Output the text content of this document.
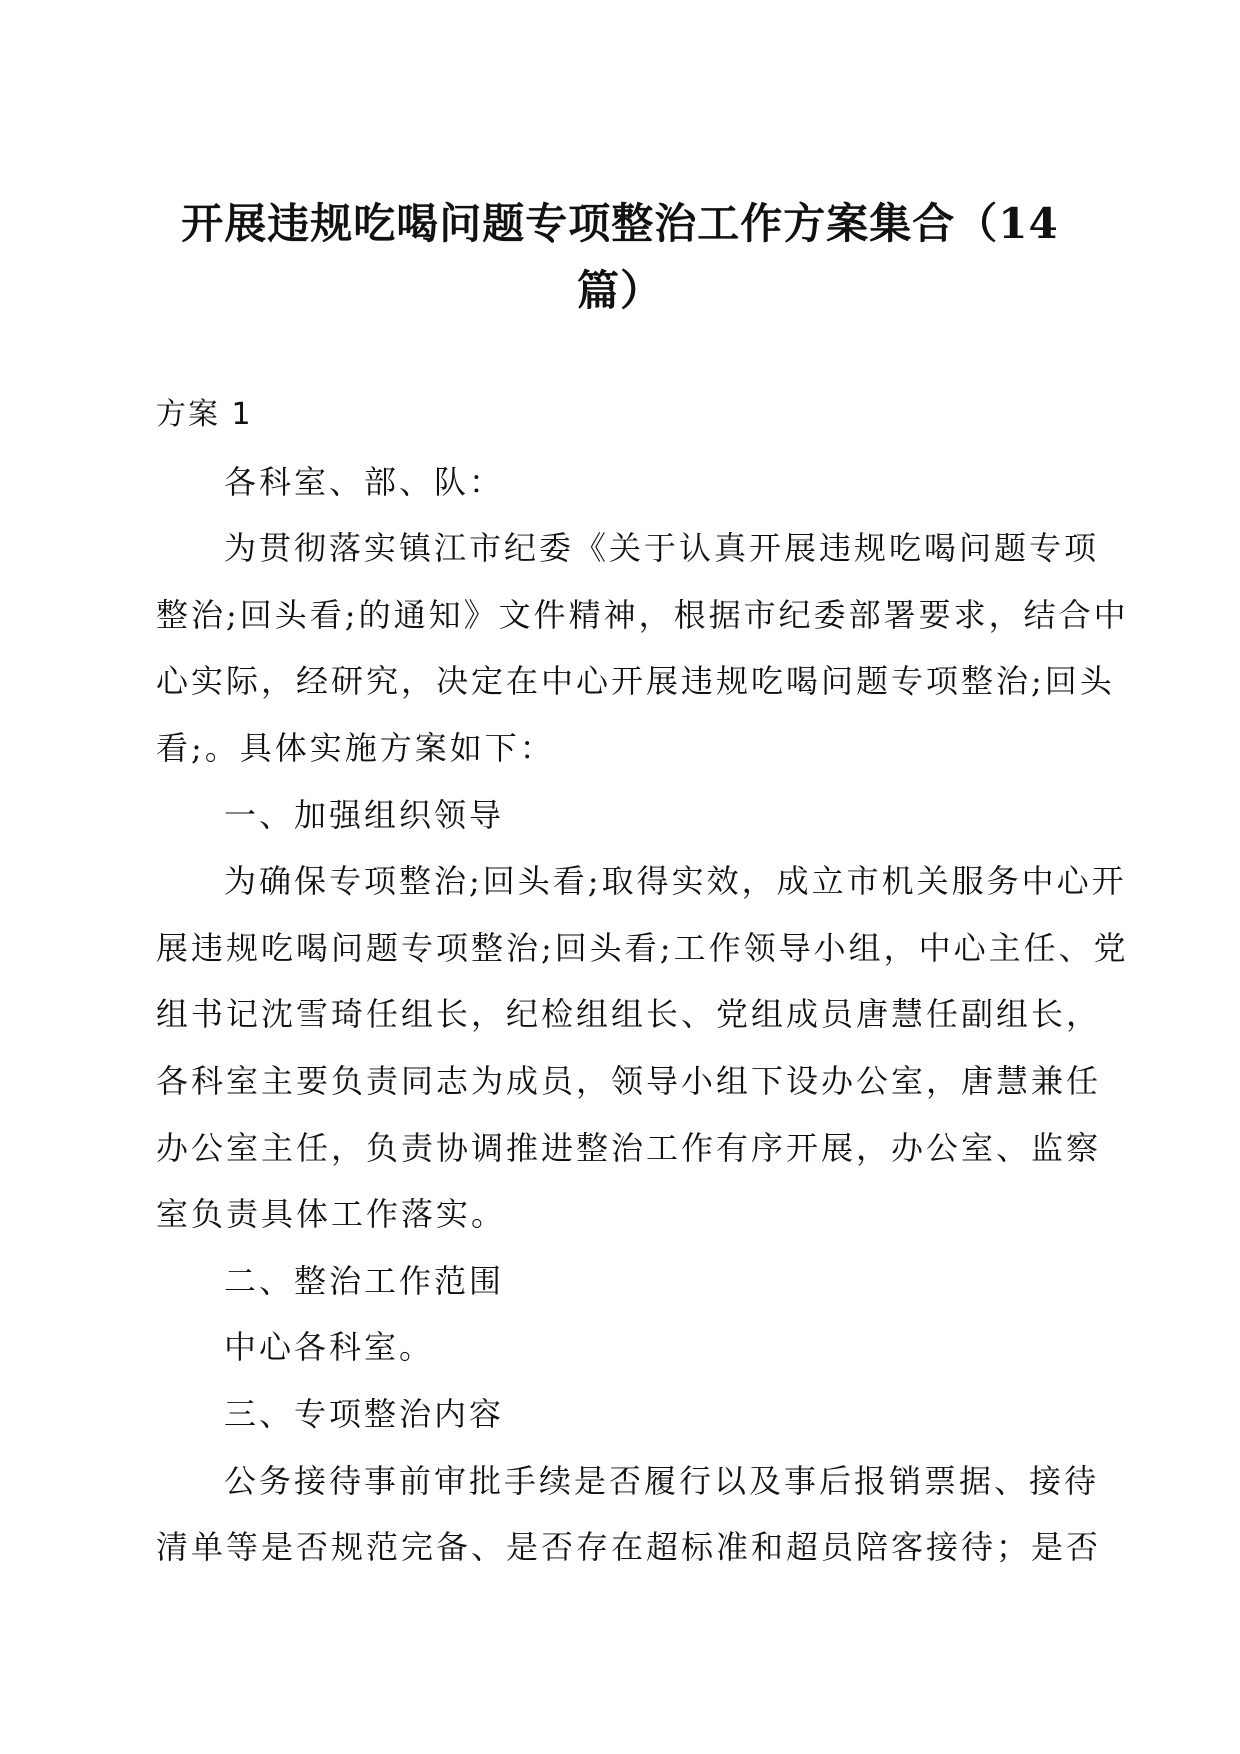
开展违规吃喝问题专项整治工作方案集合（14
篇）
方案 1
各科室、部、队：
为贯彻落实镇江市纪委《关于认真开展违规吃喝问题专项
整治;回头看;的通知》文件精神，根据市纪委部署要求，结合中
心实际，经研究，决定在中心开展违规吃喝问题专项整治;回头
看;。具体实施方案如下：
一、加强组织领导
为确保专项整治;回头看;取得实效，成立市机关服务中心开
展违规吃喝问题专项整治;回头看;工作领导小组，中心主任、党
组书记沈雪琦任组长，纪检组组长、党组成员唐慧任副组长，
各科室主要负责同志为成员，领导小组下设办公室，唐慧兼任
办公室主任，负责协调推进整治工作有序开展，办公室、监察
室负责具体工作落实。
二、整治工作范围
中心各科室。
三、专项整治内容
公务接待事前审批手续是否履行以及事后报销票据、接待
清单等是否规范完备、是否存在超标准和超员陪客接待；是否
